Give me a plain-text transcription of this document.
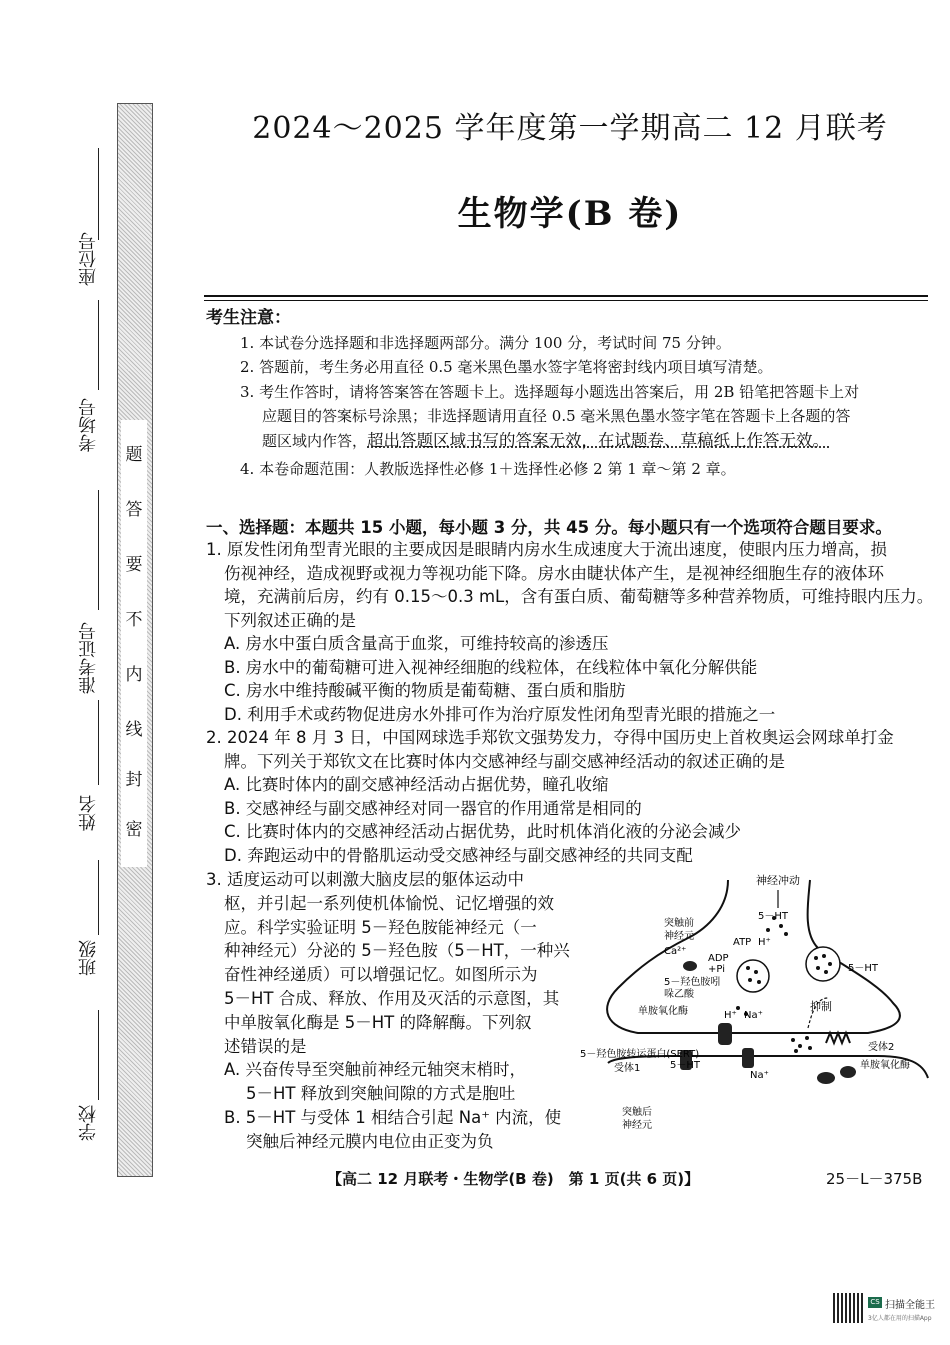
题
答
要
不
内
线
封
密
座位号
考场号
准考证号
姓名
班级
学校
2024～2025 学年度第一学期高二 12 月联考
生物学(B 卷)

考生注意：

1. 本试卷分选择题和非选择题两部分。满分 100 分，考试时间 75 分钟。

2. 答题前，考生务必用直径 0.5 毫米黑色墨水签字笔将密封线内项目填写清楚。

3. 考生作答时，请将答案答在答题卡上。选择题每小题选出答案后，用 2B 铅笔把答题卡上对

应题目的答案标号涂黑；非选择题请用直径 0.5 毫米黑色墨水签字笔在答题卡上各题的答

题区域内作答，超出答题区域书写的答案无效，在试题卷、草稿纸上作答无效。

4. 本卷命题范围：人教版选择性必修 1＋选择性必修 2 第 1 章～第 2 章。

一、选择题：本题共 15 小题，每小题 3 分，共 45 分。每小题只有一个选项符合题目要求。

1. 原发性闭角型青光眼的主要成因是眼睛内房水生成速度大于流出速度，使眼内压力增高，损

伤视神经，造成视野或视力等视功能下降。房水由睫状体产生，是视神经细胞生存的液体环

境，充满前后房，约有 0.15～0.3 mL，含有蛋白质、葡萄糖等多种营养物质，可维持眼内压力。

下列叙述正确的是

A. 房水中蛋白质含量高于血浆，可维持较高的渗透压

B. 房水中的葡萄糖可进入视神经细胞的线粒体，在线粒体中氧化分解供能

C. 房水中维持酸碱平衡的物质是葡萄糖、蛋白质和脂肪

D. 利用手术或药物促进房水外排可作为治疗原发性闭角型青光眼的措施之一

2. 2024 年 8 月 3 日，中国网球选手郑钦文强势发力，夺得中国历史上首枚奥运会网球单打金

牌。下列关于郑钦文在比赛时体内交感神经与副交感神经活动的叙述正确的是

A. 比赛时体内的副交感神经活动占据优势，瞳孔收缩

B. 交感神经与副交感神经对同一器官的作用通常是相同的

C. 比赛时体内的交感神经活动占据优势，此时机体消化液的分泌会减少

D. 奔跑运动中的骨骼肌运动受交感神经与副交感神经的共同支配

3. 适度运动可以刺激大脑皮层的躯体运动中

枢，并引起一系列使机体愉悦、记忆增强的效

应。科学实验证明 5－羟色胺能神经元（一

种神经元）分泌的 5－羟色胺（5－HT，一种兴

奋性神经递质）可以增强记忆。如图所示为

5－HT 合成、释放、作用及灭活的示意图，其

中单胺氧化酶是 5－HT 的降解酶。下列叙

述错误的是

A. 兴奋传导至突触前神经元轴突末梢时，

5－HT 释放到突触间隙的方式是胞吐

B. 5－HT 与受体 1 相结合引起 Na⁺ 内流，使

突触后神经元膜内电位由正变为负

神经冲动
5－HT
突触前
神经元
Ca²⁺
ATP H⁺
ADP
+Pi	5－HT
5－羟色胺吲
哚乙酸
单胺氧化酶	H⁺ Na⁺
抑制
5－羟色胺转运蛋白(SERT)
受体2
单胺氧化酶
受体1	5－HT
Na⁺
突触后
神经元
【高二 12 月联考・生物学(B 卷)　第 1 页(共 6 页)】	25－L－375B
CS 扫描全能王
3亿人都在用的扫描App
